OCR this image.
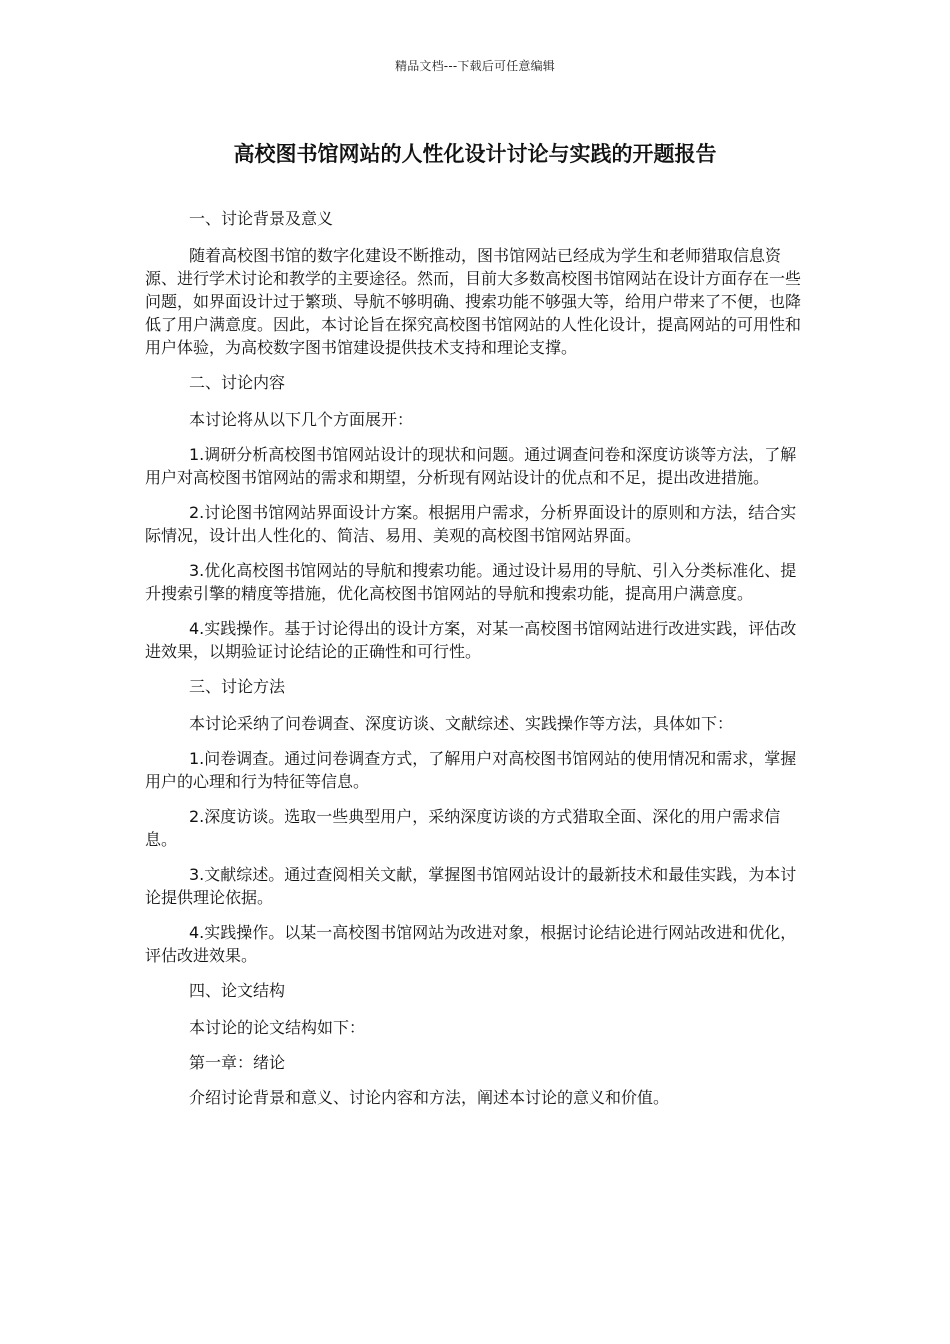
精品文档---下载后可任意编辑
高校图书馆网站的人性化设计讨论与实践的开题报告

一、讨论背景及意义

随着高校图书馆的数字化建设不断推动，图书馆网站已经成为学生和老师猎取信息资源、进行学术讨论和教学的主要途径。然而，目前大多数高校图书馆网站在设计方面存在一些问题，如界面设计过于繁琐、导航不够明确、搜索功能不够强大等，给用户带来了不便，也降低了用户满意度。因此，本讨论旨在探究高校图书馆网站的人性化设计，提高网站的可用性和用户体验，为高校数字图书馆建设提供技术支持和理论支撑。

二、讨论内容

本讨论将从以下几个方面展开：

1.调研分析高校图书馆网站设计的现状和问题。通过调查问卷和深度访谈等方法，了解用户对高校图书馆网站的需求和期望，分析现有网站设计的优点和不足，提出改进措施。

2.讨论图书馆网站界面设计方案。根据用户需求，分析界面设计的原则和方法，结合实际情况，设计出人性化的、简洁、易用、美观的高校图书馆网站界面。

3.优化高校图书馆网站的导航和搜索功能。通过设计易用的导航、引入分类标准化、提升搜索引擎的精度等措施，优化高校图书馆网站的导航和搜索功能，提高用户满意度。

4.实践操作。基于讨论得出的设计方案，对某一高校图书馆网站进行改进实践，评估改进效果，以期验证讨论结论的正确性和可行性。

三、讨论方法

本讨论采纳了问卷调查、深度访谈、文献综述、实践操作等方法，具体如下：

1.问卷调查。通过问卷调查方式，了解用户对高校图书馆网站的使用情况和需求，掌握用户的心理和行为特征等信息。

2.深度访谈。选取一些典型用户，采纳深度访谈的方式猎取全面、深化的用户需求信息。

3.文献综述。通过查阅相关文献，掌握图书馆网站设计的最新技术和最佳实践，为本讨论提供理论依据。

4.实践操作。以某一高校图书馆网站为改进对象，根据讨论结论进行网站改进和优化，评估改进效果。

四、论文结构

本讨论的论文结构如下：

第一章：绪论

介绍讨论背景和意义、讨论内容和方法，阐述本讨论的意义和价值。
